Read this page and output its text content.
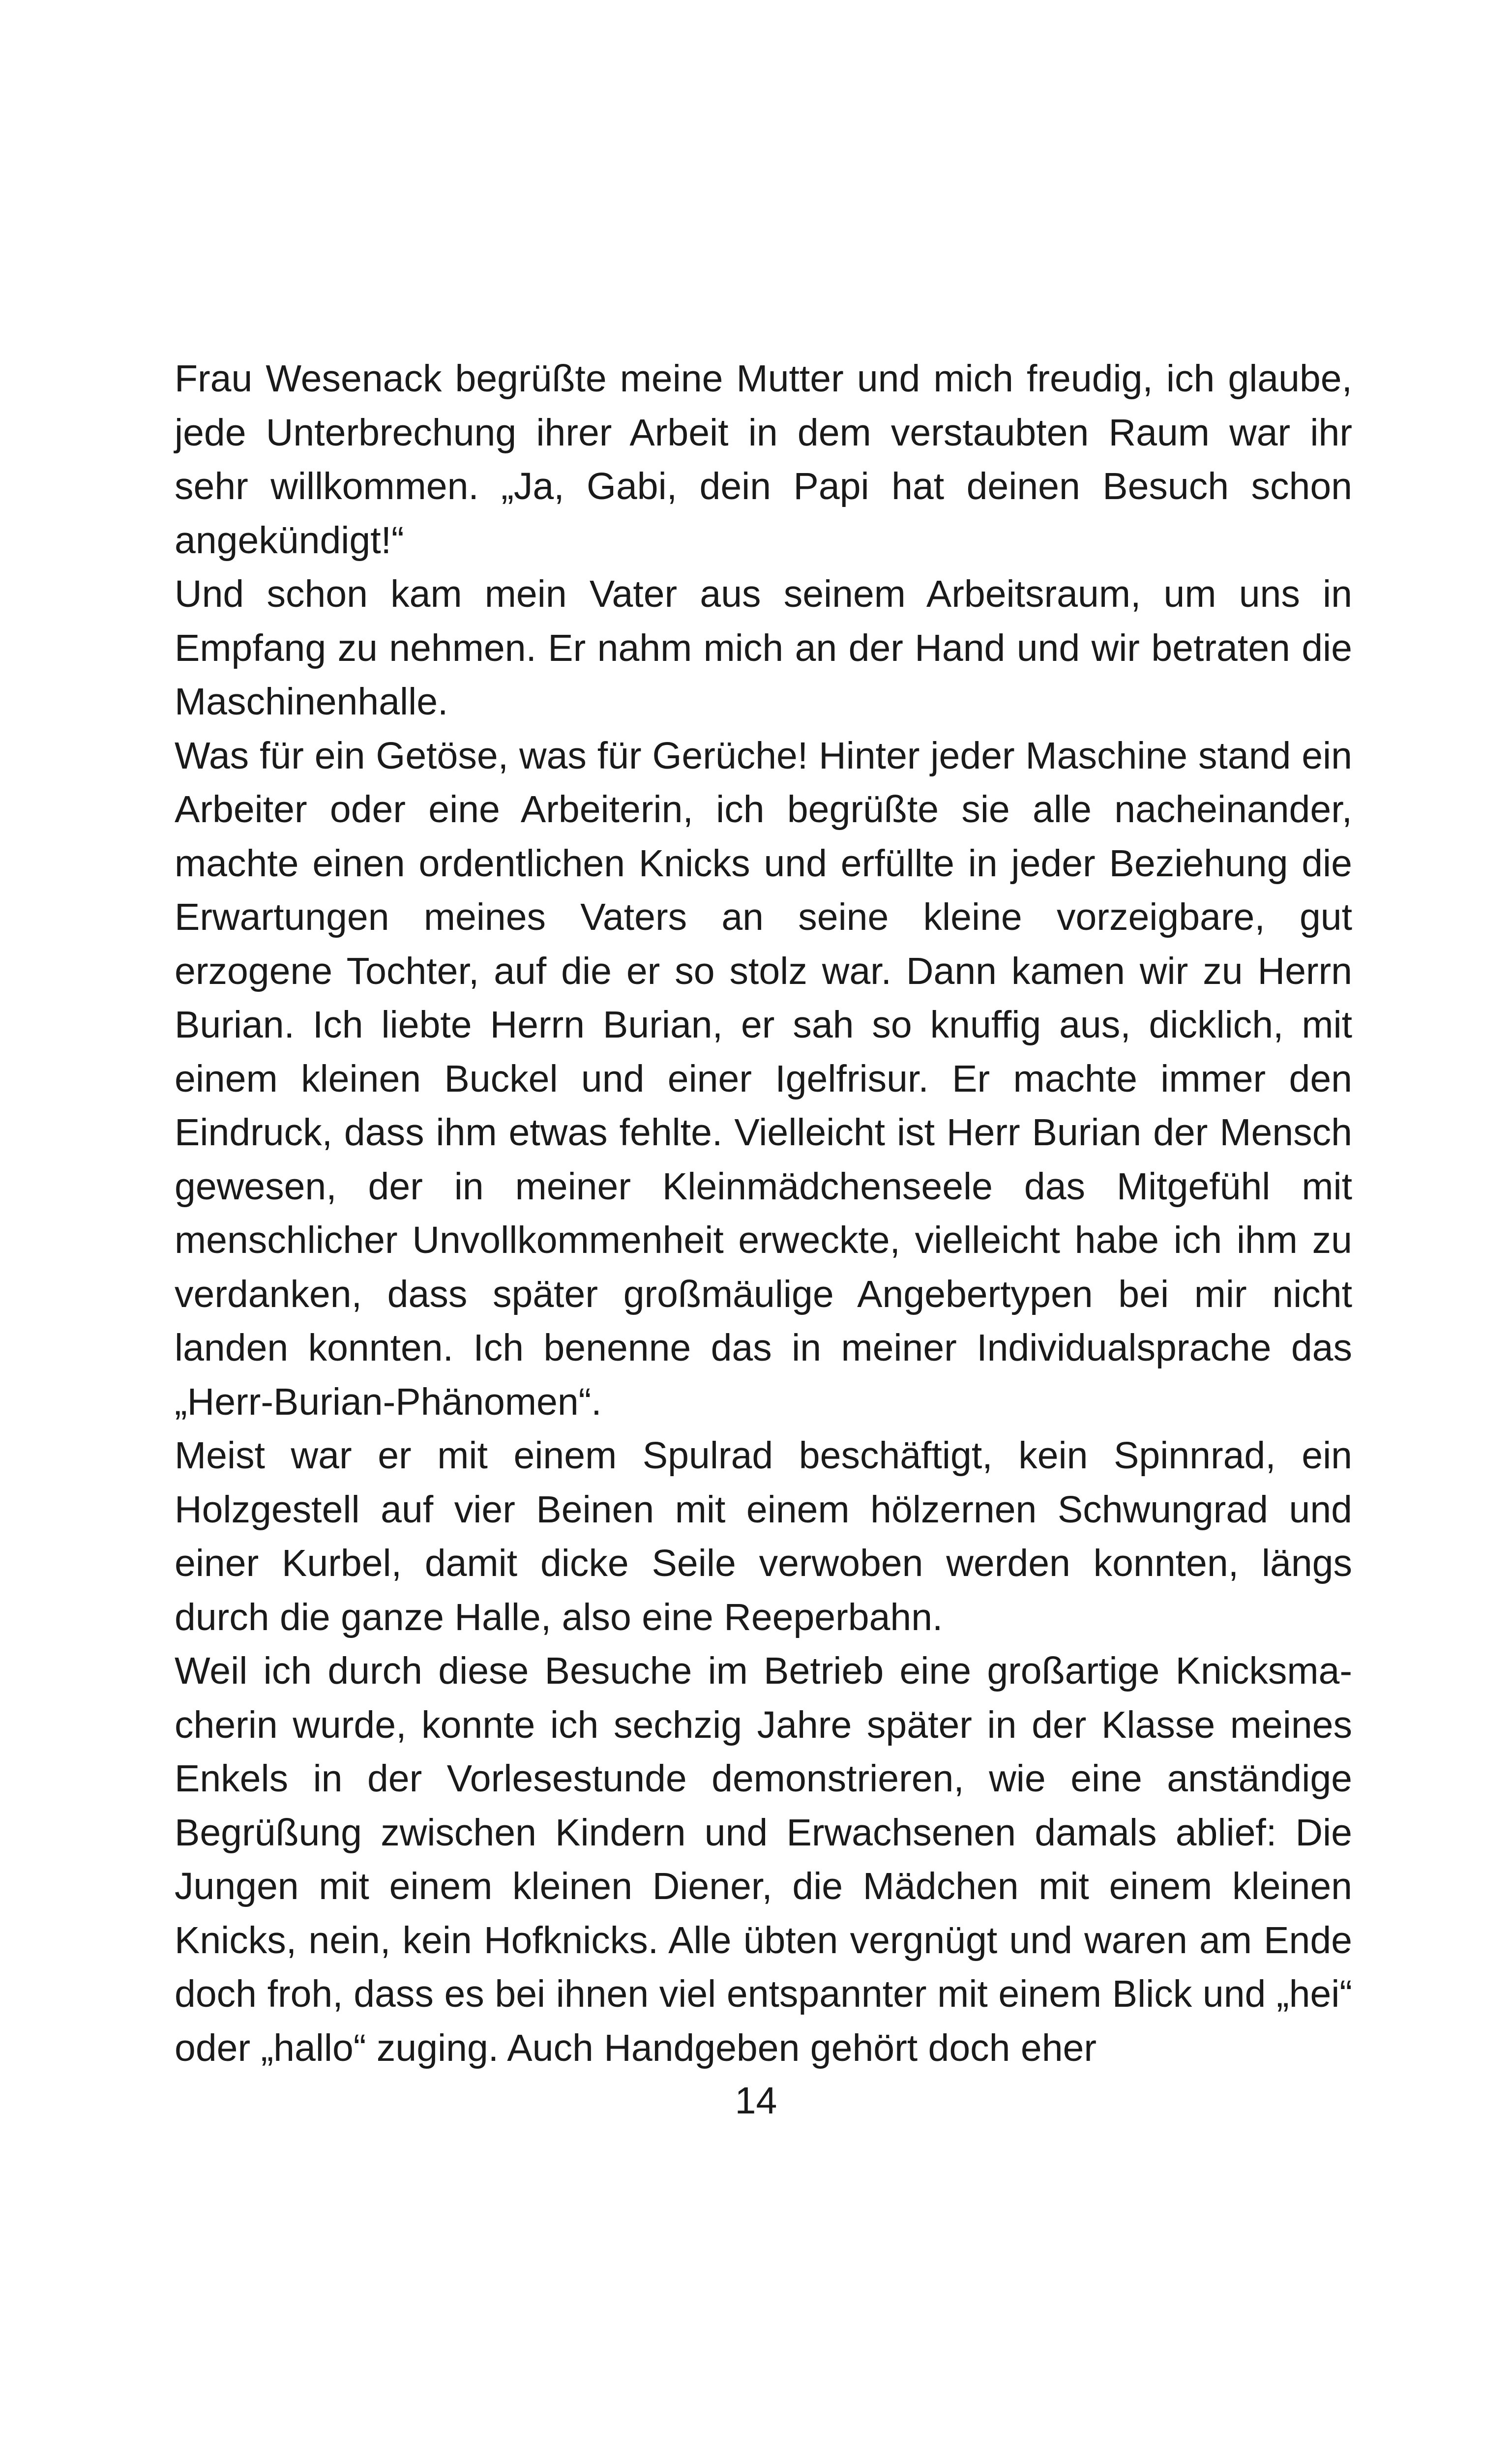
Frau Wesenack begrüßte meine Mutter und mich freudig, ich glaube, jede Unterbrechung ihrer Arbeit in dem verstaubten Raum war ihr sehr willkommen. „Ja, Gabi, dein Papi hat deinen Besuch schon angekündigt!“

Und schon kam mein Vater aus seinem Arbeitsraum, um uns in Empfang zu nehmen. Er nahm mich an der Hand und wir betraten die Maschinenhalle.

Was für ein Getöse, was für Gerüche! Hinter jeder Maschine stand ein Arbeiter oder eine Arbeiterin, ich begrüßte sie alle nacheinander, machte einen ordentlichen Knicks und erfüllte in jeder Beziehung die Erwartungen meines Vaters an seine kleine vorzeigbare, gut erzogene Tochter, auf die er so stolz war. Dann kamen wir zu Herrn Burian. Ich liebte Herrn Burian, er sah so knuffig aus, dicklich, mit einem kleinen Buckel und einer Igelfrisur. Er machte immer den Eindruck, dass ihm etwas fehlte. Vielleicht ist Herr Burian der Mensch gewesen, der in meiner Kleinmädchenseele das Mitgefühl mit menschlicher Unvollkommenheit erweckte, vielleicht habe ich ihm zu verdanken, dass später großmäulige Angebertypen bei mir nicht landen konnten. Ich benenne das in meiner Individualsprache das „Herr-Burian-Phänomen“.

Meist war er mit einem Spulrad beschäftigt, kein Spinnrad, ein Holzgestell auf vier Beinen mit einem hölzernen Schwungrad und einer Kurbel, damit dicke Seile verwoben werden konnten, längs durch die ganze Halle, also eine Reeperbahn.

Weil ich durch diese Besuche im Betrieb eine großartige Knicksmacherin wurde, konnte ich sechzig Jahre später in der Klasse meines Enkels in der Vorlesestunde demonstrieren, wie eine anständige Begrüßung zwischen Kindern und Erwachsenen damals ablief: Die Jungen mit einem kleinen Diener, die Mädchen mit einem kleinen Knicks, nein, kein Hofknicks. Alle übten vergnügt und waren am Ende doch froh, dass es bei ihnen viel entspannter mit einem Blick und „hei“ oder „hallo“ zuging. Auch Handgeben gehört doch eher

14
